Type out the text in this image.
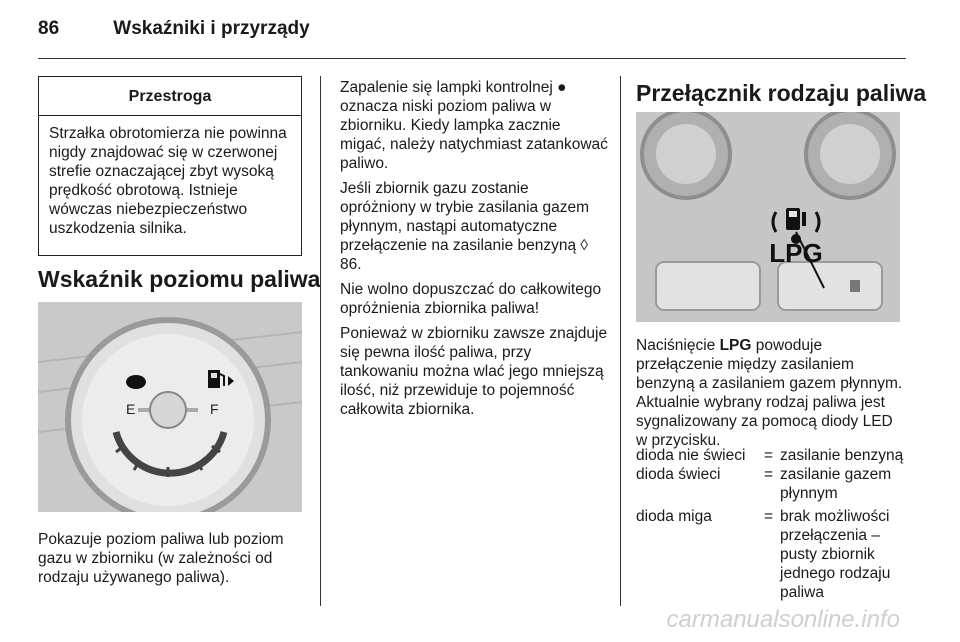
86	Wskaźniki i przyrządy
Przestroga
Strzałka obrotomierza nie powinna nigdy znajdować się w czerwonej strefie oznaczającej zbyt wysoką prędkość obrotową. Istnieje wówczas niebezpieczeństwo uszkodzenia silnika.
Wskaźnik poziomu paliwa
E	F
Pokazuje poziom paliwa lub poziom gazu w zbiorniku (w zależności od rodzaju używanego paliwa).

Zapalenie się lampki kontrolnej ● oznacza niski poziom paliwa w zbiorniku. Kiedy lampka zacznie migać, należy natychmiast zatankować paliwo.

Jeśli zbiornik gazu zostanie opróżniony w trybie zasilania gazem płynnym, nastąpi automatyczne przełączenie na zasilanie benzyną ◊ 86.

Nie wolno dopuszczać do całkowitego opróżnienia zbiornika paliwa!

Ponieważ w zbiorniku zawsze znajduje się pewna ilość paliwa, przy tankowaniu można wlać jego mniejszą ilość, niż przewiduje to pojemność całkowita zbiornika.

Przełącznik rodzaju paliwa
LPG
Naciśnięcie LPG powoduje przełączenie między zasilaniem benzyną a zasilaniem gazem płynnym. Aktualnie wybrany rodzaj paliwa jest sygnalizowany za pomocą diody LED w przycisku.
dioda nie świeci	=	zasilanie benzyną
dioda świeci	=	zasilanie gazem płynnym
dioda miga	=	brak możliwości przełączenia – pusty zbiornik jednego rodzaju paliwa
carmanualsonline.info
